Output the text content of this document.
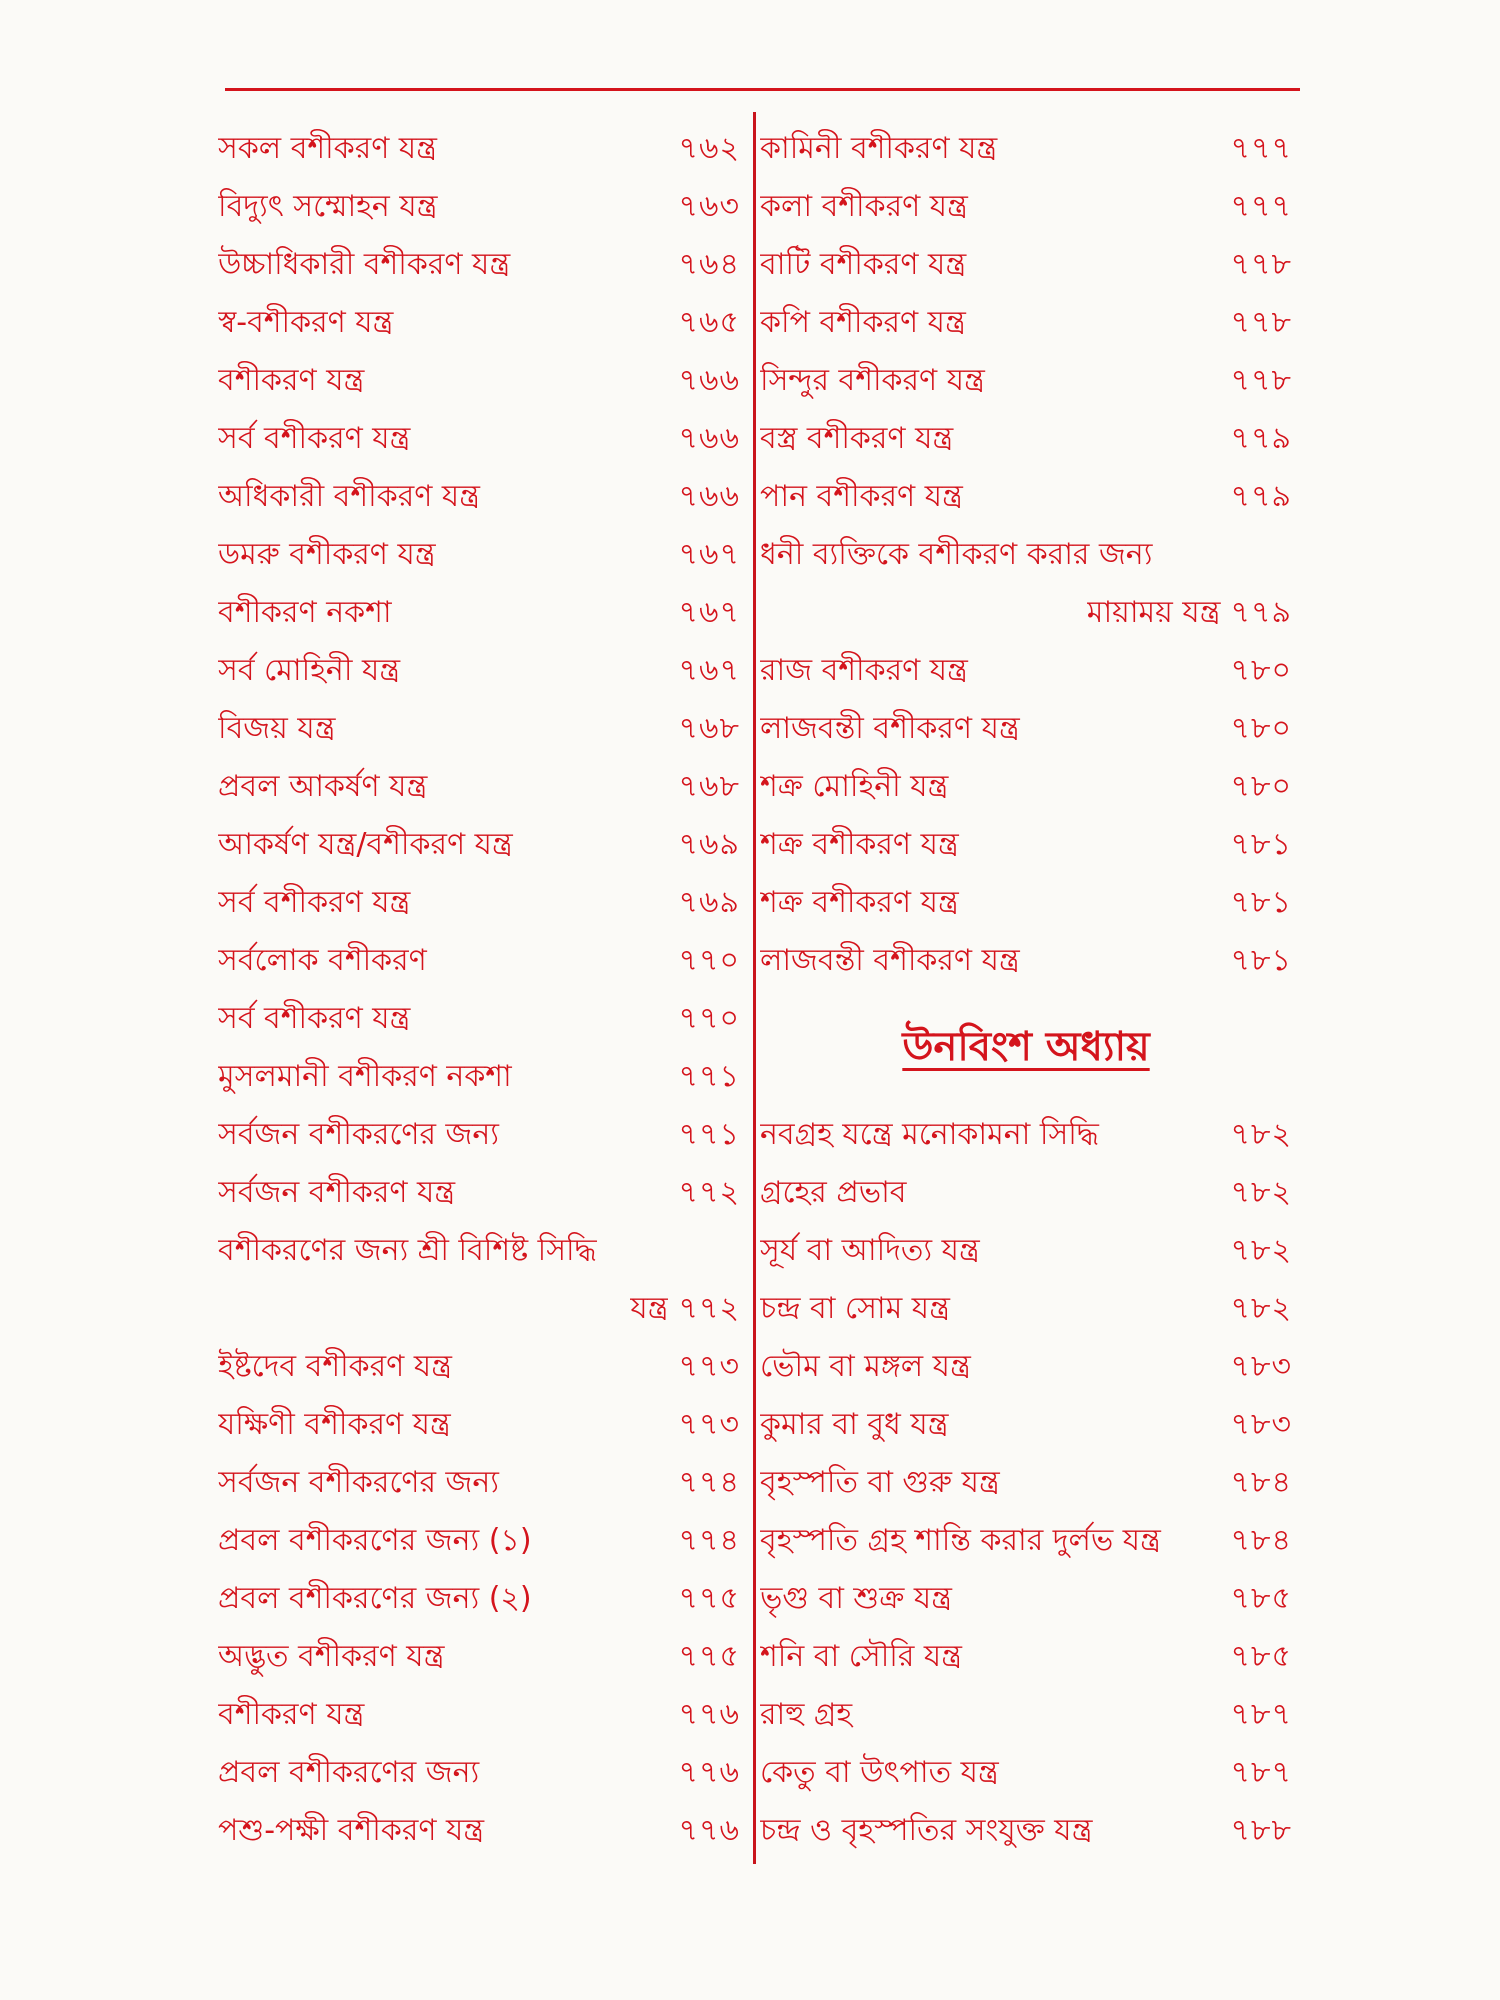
সকল বশীকরণ যন্ত্র	৭৬২
বিদ্যুৎ সম্মোহন যন্ত্র	৭৬৩
উচ্চাধিকারী বশীকরণ যন্ত্র	৭৬৪
স্ব-বশীকরণ যন্ত্র	৭৬৫
বশীকরণ যন্ত্র	৭৬৬
সর্ব বশীকরণ যন্ত্র	৭৬৬
অধিকারী বশীকরণ যন্ত্র	৭৬৬
ডমরু বশীকরণ যন্ত্র	৭৬৭
বশীকরণ নকশা	৭৬৭
সর্ব মোহিনী যন্ত্র	৭৬৭
বিজয় যন্ত্র	৭৬৮
প্রবল আকর্ষণ যন্ত্র	৭৬৮
আকর্ষণ যন্ত্র/বশীকরণ যন্ত্র	৭৬৯
সর্ব বশীকরণ যন্ত্র	৭৬৯
সর্বলোক বশীকরণ	৭৭০
সর্ব বশীকরণ যন্ত্র	৭৭০
মুসলমানী বশীকরণ নকশা	৭৭১
সর্বজন বশীকরণের জন্য	৭৭১
সর্বজন বশীকরণ যন্ত্র	৭৭২
বশীকরণের জন্য শ্রী বিশিষ্ট সিদ্ধি
যন্ত্র ৭৭২
ইষ্টদেব বশীকরণ যন্ত্র	৭৭৩
যক্ষিণী বশীকরণ যন্ত্র	৭৭৩
সর্বজন বশীকরণের জন্য	৭৭৪
প্রবল বশীকরণের জন্য (১)	৭৭৪
প্রবল বশীকরণের জন্য (২)	৭৭৫
অদ্ভুত বশীকরণ যন্ত্র	৭৭৫
বশীকরণ যন্ত্র	৭৭৬
প্রবল বশীকরণের জন্য	৭৭৬
পশু-পক্ষী বশীকরণ যন্ত্র	৭৭৬
কামিনী বশীকরণ যন্ত্র	৭৭৭
কলা বশীকরণ যন্ত্র	৭৭৭
বাটি বশীকরণ যন্ত্র	৭৭৮
কপি বশীকরণ যন্ত্র	৭৭৮
সিন্দুর বশীকরণ যন্ত্র	৭৭৮
বস্ত্র বশীকরণ যন্ত্র	৭৭৯
পান বশীকরণ যন্ত্র	৭৭৯
ধনী ব্যক্তিকে বশীকরণ করার জন্য
মায়াময় যন্ত্র ৭৭৯
রাজ বশীকরণ যন্ত্র	৭৮০
লাজবন্তী বশীকরণ যন্ত্র	৭৮০
শক্র মোহিনী যন্ত্র	৭৮০
শক্র বশীকরণ যন্ত্র	৭৮১
শক্র বশীকরণ যন্ত্র	৭৮১
লাজবন্তী বশীকরণ যন্ত্র	৭৮১
উনবিংশ অধ্যায়
নবগ্রহ যন্ত্রে মনোকামনা সিদ্ধি	৭৮২
গ্রহের প্রভাব	৭৮২
সূর্য বা আদিত্য যন্ত্র	৭৮২
চন্দ্র বা সোম যন্ত্র	৭৮২
ভৌম বা মঙ্গল যন্ত্র	৭৮৩
কুমার বা বুধ যন্ত্র	৭৮৩
বৃহস্পতি বা গুরু যন্ত্র	৭৮৪
বৃহস্পতি গ্রহ শান্তি করার দুর্লভ যন্ত্র	৭৮৪
ভৃগু বা শুক্র যন্ত্র	৭৮৫
শনি বা সৌরি যন্ত্র	৭৮৫
রাহু গ্রহ	৭৮৭
কেতু বা উৎপাত যন্ত্র	৭৮৭
চন্দ্র ও বৃহস্পতির সংযুক্ত যন্ত্র	৭৮৮
